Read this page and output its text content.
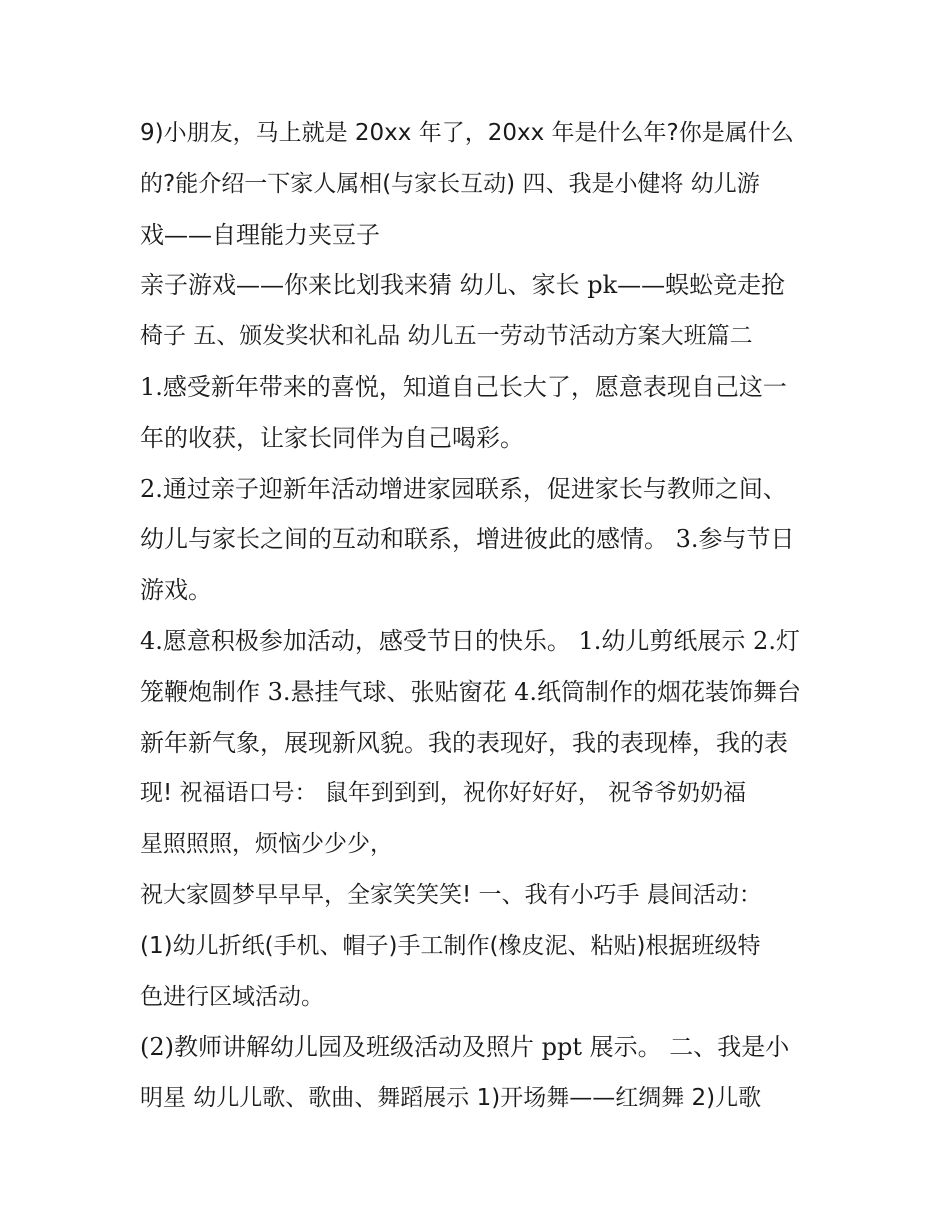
9)小朋友，马上就是 20xx 年了，20xx 年是什么年?你是属什么
的?能介绍一下家人属相(与家长互动) 四、我是小健将 幼儿游
戏——自理能力夹豆子
亲子游戏——你来比划我来猜 幼儿、家长 pk——蜈蚣竞走抢
椅子 五、颁发奖状和礼品 幼儿五一劳动节活动方案大班篇二
1.感受新年带来的喜悦，知道自己长大了，愿意表现自己这一
年的收获，让家长同伴为自己喝彩。
2.通过亲子迎新年活动增进家园联系，促进家长与教师之间、
幼儿与家长之间的互动和联系，增进彼此的感情。 3.参与节日
游戏。
4.愿意积极参加活动，感受节日的快乐。 1.幼儿剪纸展示 2.灯
笼鞭炮制作 3.悬挂气球、张贴窗花 4.纸筒制作的烟花装饰舞台
新年新气象，展现新风貌。我的表现好，我的表现棒，我的表
现! 祝福语口号： 鼠年到到到，祝你好好好， 祝爷爷奶奶福
星照照照，烦恼少少少，
祝大家圆梦早早早，全家笑笑笑! 一、我有小巧手 晨间活动：
(1)幼儿折纸(手机、帽子)手工制作(橡皮泥、粘贴)根据班级特
色进行区域活动。
(2)教师讲解幼儿园及班级活动及照片 ppt 展示。 二、我是小
明星 幼儿儿歌、歌曲、舞蹈展示 1)开场舞——红绸舞 2)儿歌
